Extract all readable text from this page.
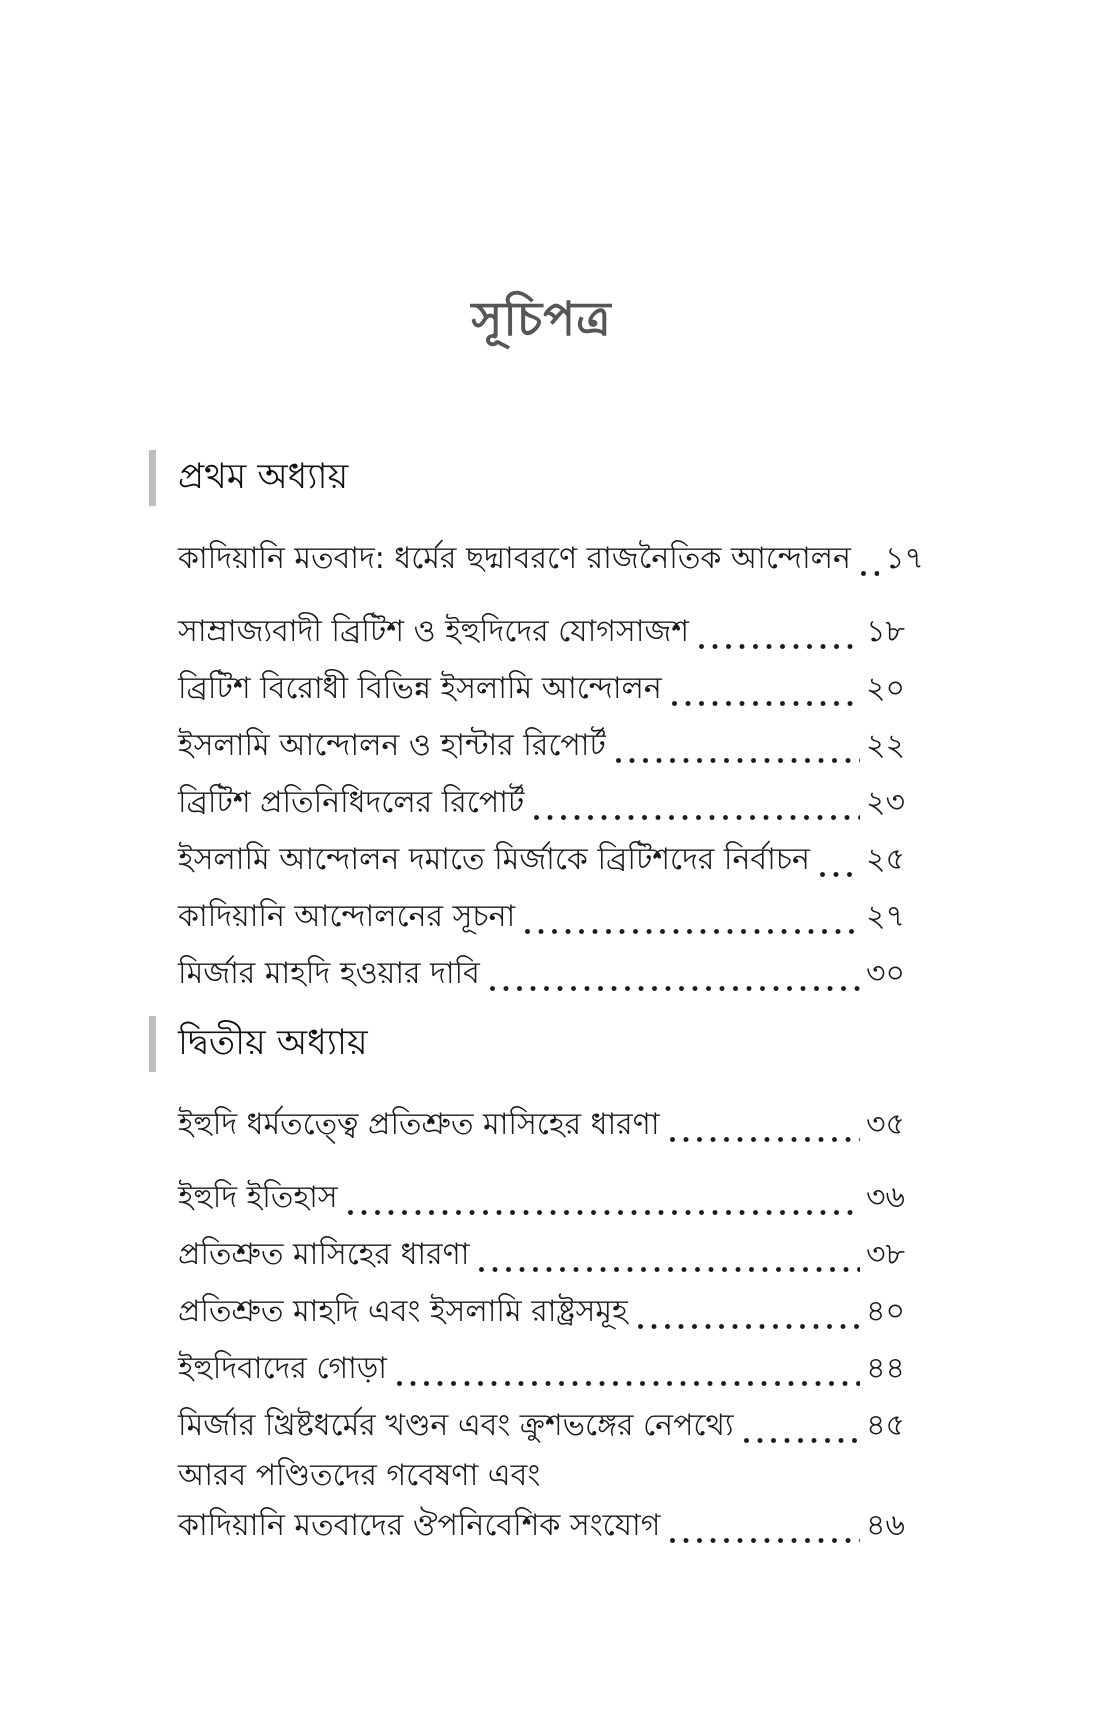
সূচিপত্র
প্রথম অধ্যায়
কাদিয়ানি মতবাদ: ধর্মের ছদ্মাবরণে রাজনৈতিক আন্দোলন ১৭
সাম্রাজ্যবাদী ব্রিটিশ ও ইহুদিদের যোগসাজশ	১৮
ব্রিটিশ বিরোধী বিভিন্ন ইসলামি আন্দোলন	২০
ইসলামি আন্দোলন ও হান্টার রিপোর্ট	২২
ব্রিটিশ প্রতিনিধিদলের রিপোর্ট	২৩
ইসলামি আন্দোলন দমাতে মির্জাকে ব্রিটিশদের নির্বাচন ২৫
কাদিয়ানি আন্দোলনের সূচনা	২৭
মির্জার মাহদি হওয়ার দাবি	৩০
দ্বিতীয় অধ্যায়
ইহুদি ধর্মতত্ত্বে প্রতিশ্রুত মাসিহের ধারণা	৩৫
ইহুদি ইতিহাস	৩৬
প্রতিশ্রুত মাসিহের ধারণা	৩৮
প্রতিশ্রুত মাহদি এবং ইসলামি রাষ্ট্রসমূহ	৪০
ইহুদিবাদের গোড়া	৪৪
মির্জার খ্রিষ্টধর্মের খণ্ডন এবং ক্রুশভঙ্গের নেপথ্যে	৪৫
আরব পণ্ডিতদের গবেষণা এবং
কাদিয়ানি মতবাদের ঔপনিবেশিক সংযোগ	৪৬
